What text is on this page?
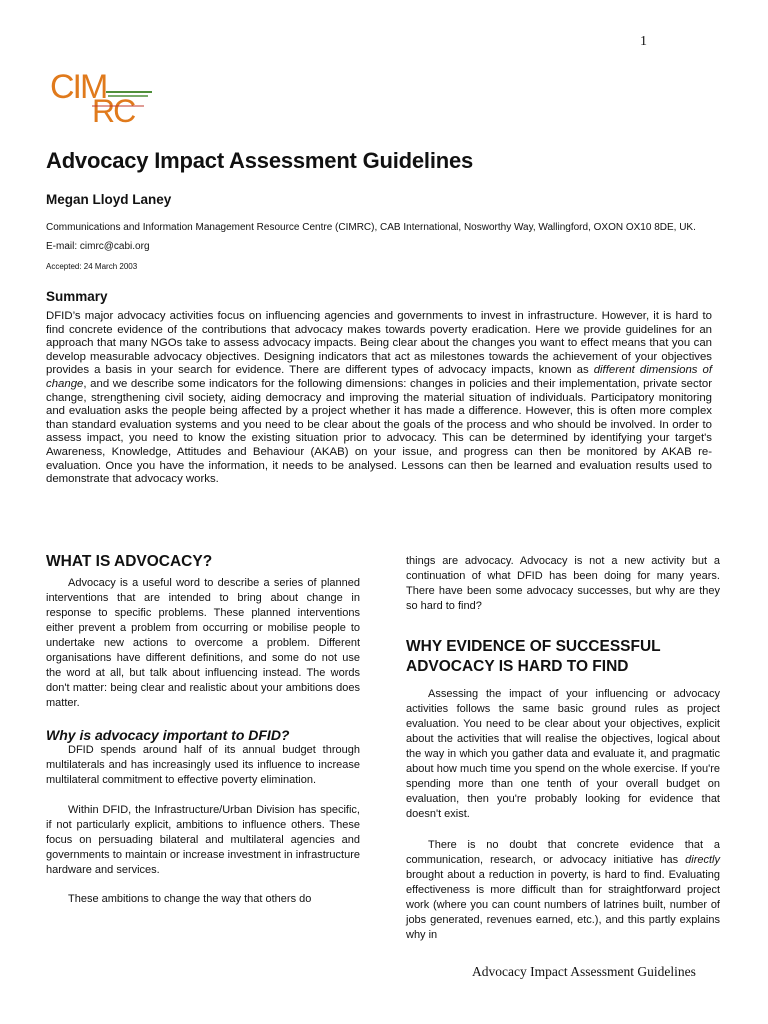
1
CIM
RC
Advocacy Impact Assessment Guidelines
Megan Lloyd Laney
Communications and Information Management Resource Centre (CIMRC), CAB International, Nosworthy Way, Wallingford, OXON OX10 8DE, UK.
E-mail: cimrc@cabi.org
Accepted: 24 March 2003
Summary

DFID’s major advocacy activities focus on influencing agencies and governments to invest in infrastructure. However, it is hard to find concrete evidence of the contributions that advocacy makes towards poverty eradication. Here we provide guidelines for an approach that many NGOs take to assess advocacy impacts. Being clear about the changes you want to effect means that you can develop measurable advocacy objectives. Designing indicators that act as milestones towards the achievement of your objectives provides a basis in your search for evidence. There are different types of advocacy impacts, known as different dimensions of change, and we describe some indicators for the following dimensions: changes in policies and their implementation, private sector change, strengthening civil society, aiding democracy and improving the material situation of individuals. Participatory monitoring and evaluation asks the people being affected by a project whether it has made a difference. However, this is often more complex than standard evaluation systems and you need to be clear about the goals of the process and who should be involved. In order to assess impact, you need to know the existing situation prior to advocacy. This can be determined by identifying your target's Awareness, Knowledge, Attitudes and Behaviour (AKAB) on your issue, and progress can then be monitored by AKAB re-evaluation. Once you have the information, it needs to be analysed. Lessons can then be learned and evaluation results used to demonstrate that advocacy works.

WHAT IS ADVOCACY?

Advocacy is a useful word to describe a series of planned interventions that are intended to bring about change in response to specific problems. These planned interventions either prevent a problem from occurring or mobilise people to undertake new actions to overcome a problem. Different organisations have different definitions, and some do not use the word at all, but talk about influencing instead. The words don't matter: being clear and realistic about your ambitions does matter.

Why is advocacy important to DFID?

DFID spends around half of its annual budget through multilaterals and has increasingly used its influence to increase multilateral commitment to effective poverty elimination.

Within DFID, the Infrastructure/Urban Division has specific, if not particularly explicit, ambitions to influence others. These focus on persuading bilateral and multilateral agencies and governments to maintain or increase investment in infrastructure hardware and services.

These ambitions to change the way that others do

things are advocacy. Advocacy is not a new activity but a continuation of what DFID has been doing for many years. There have been some advocacy successes, but why are they so hard to find?

WHY EVIDENCE OF SUCCESSFUL ADVOCACY IS HARD TO FIND

Assessing the impact of your influencing or advocacy activities follows the same basic ground rules as project evaluation. You need to be clear about your objectives, explicit about the activities that will realise the objectives, logical about the way in which you gather data and evaluate it, and pragmatic about how much time you spend on the whole exercise. If you're spending more than one tenth of your overall budget on evaluation, then you're probably looking for evidence that doesn't exist.

There is no doubt that concrete evidence that a communication, research, or advocacy initiative has directly brought about a reduction in poverty, is hard to find. Evaluating effectiveness is more difficult than for straightforward project work (where you can count numbers of latrines built, number of jobs generated, revenues earned, etc.), and this partly explains why in

Advocacy Impact Assessment Guidelines
